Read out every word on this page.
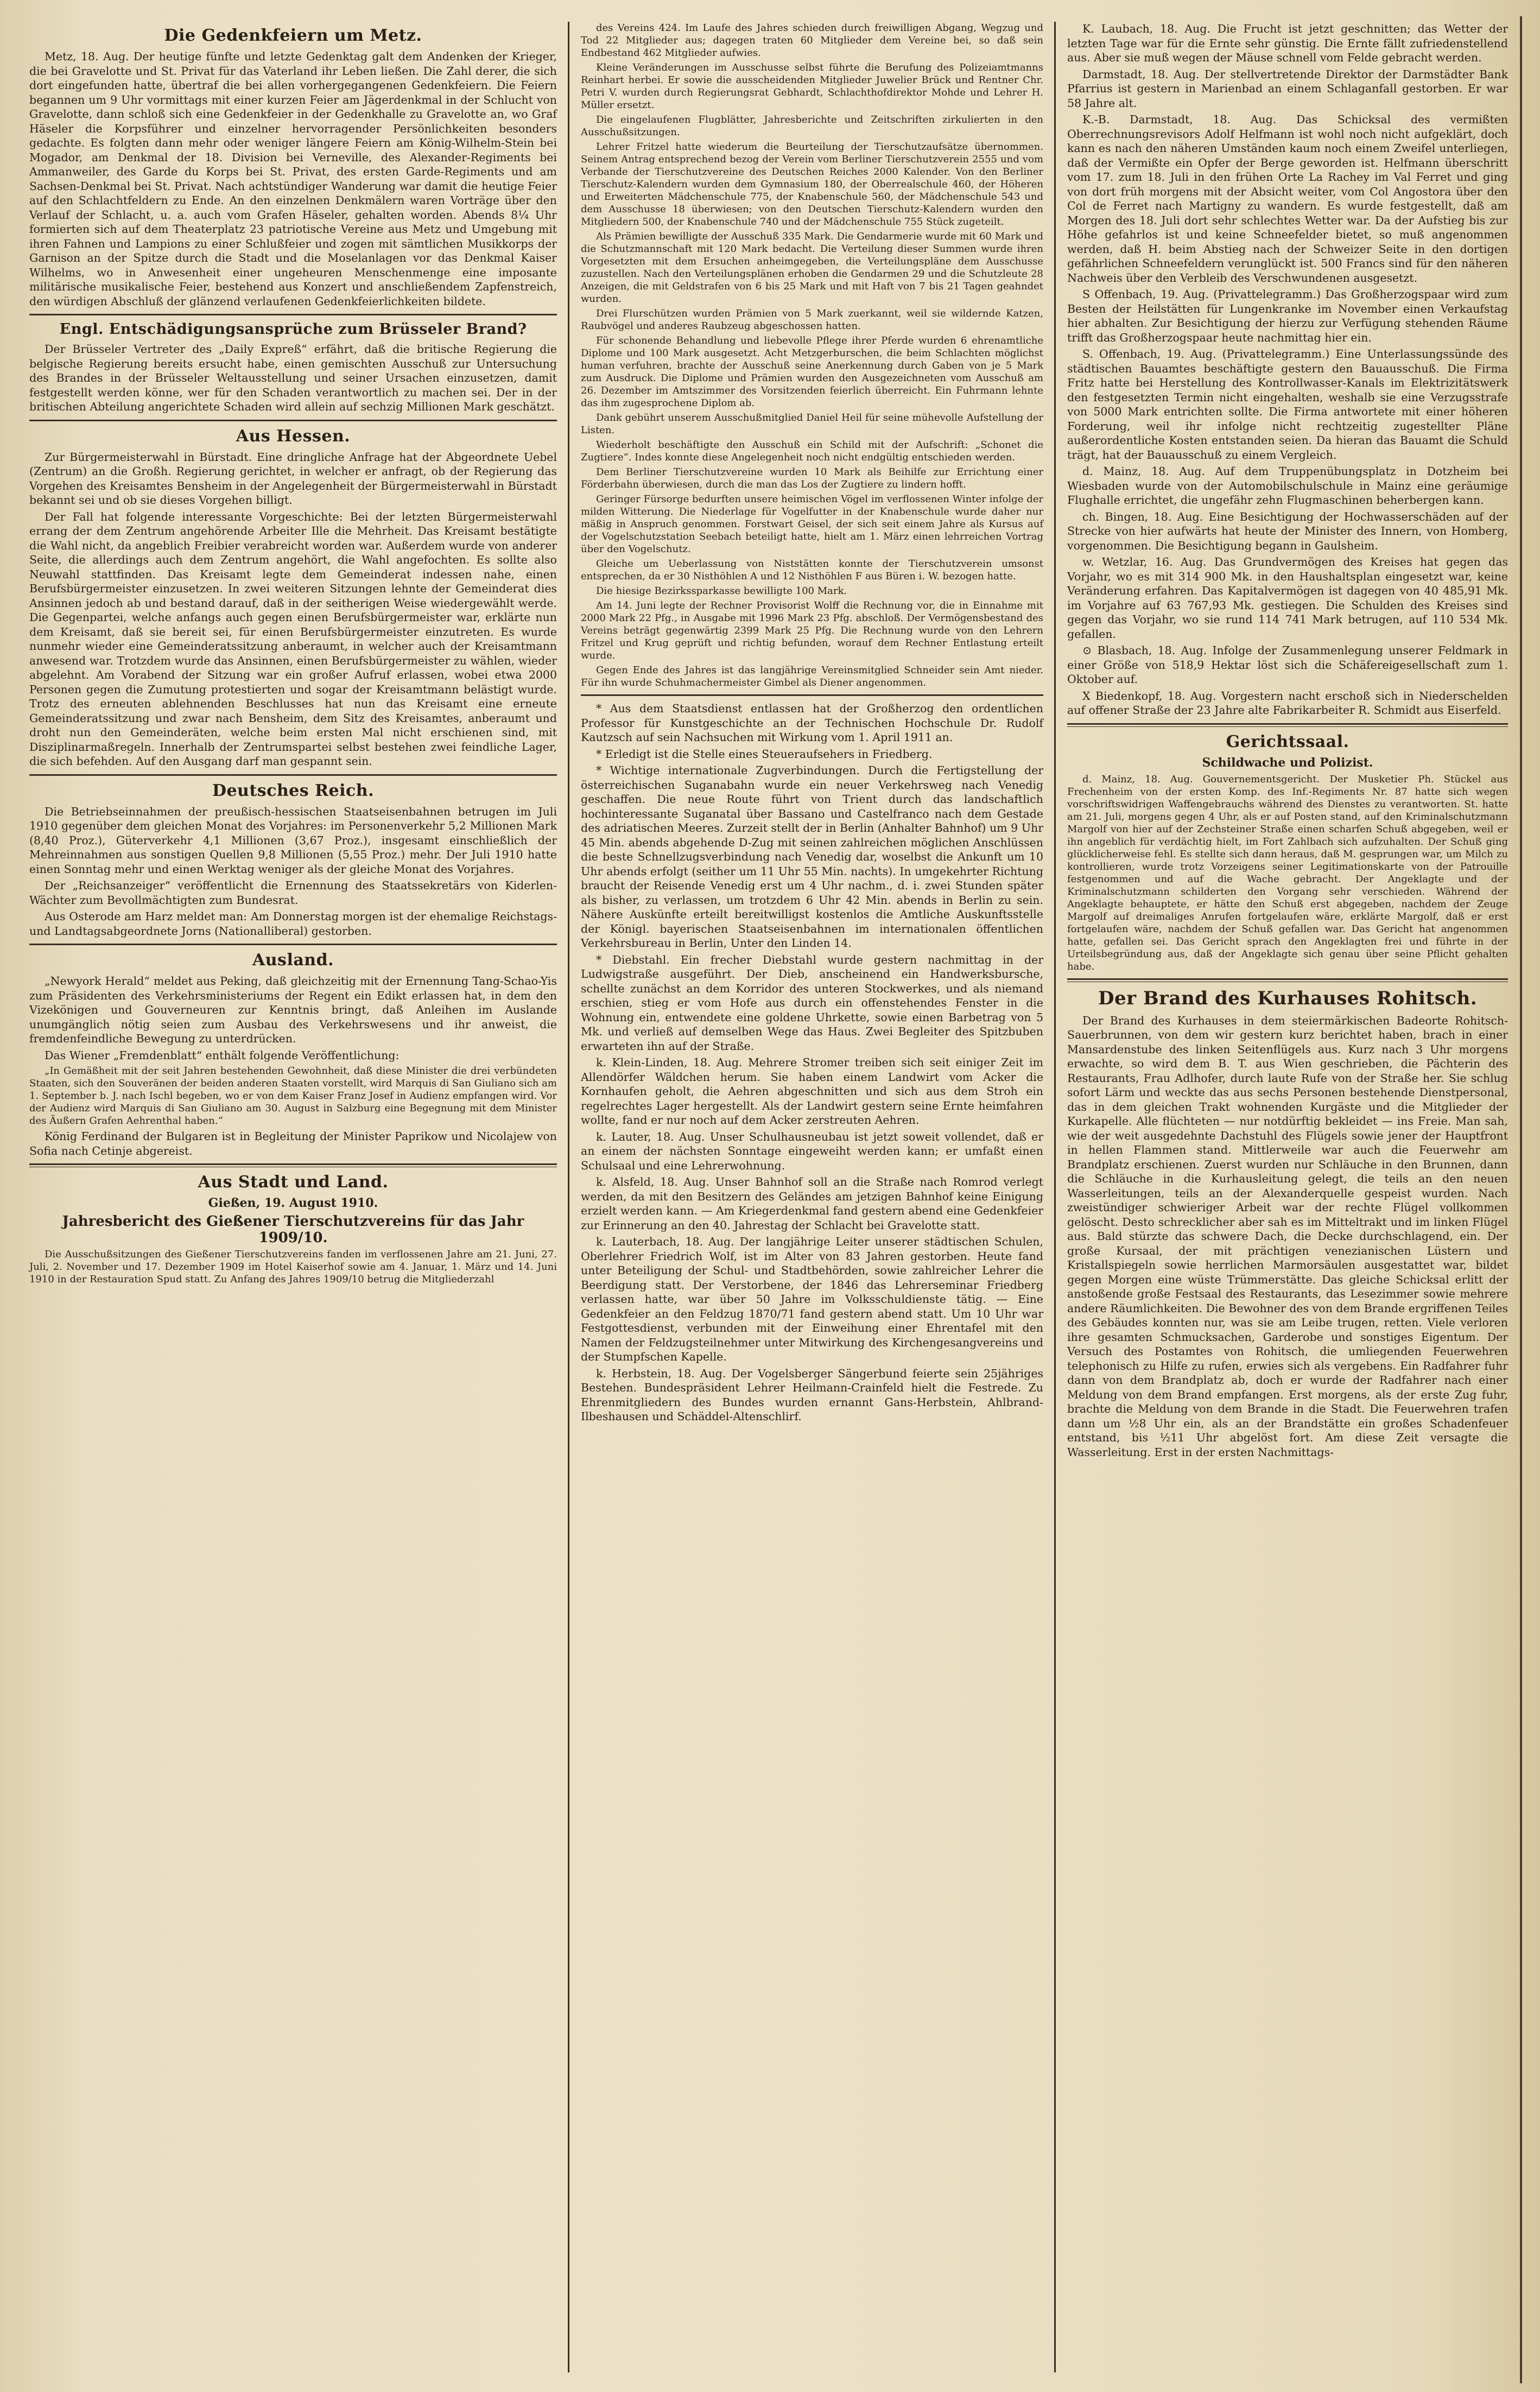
Die Gedenkfeiern um Metz.

Metz, 18. Aug. Der heutige fünfte und letzte Gedenktag galt dem Andenken der Krieger, die bei Gravelotte und St. Privat für das Vaterland ihr Leben ließen. Die Zahl derer, die sich dort eingefunden hatte, übertraf die bei allen vorhergegangenen Gedenkfeiern. Die Feiern begannen um 9 Uhr vormittags mit einer kurzen Feier am Jägerdenkmal in der Schlucht von Gravelotte, dann schloß sich eine Gedenkfeier in der Gedenkhalle zu Gravelotte an, wo Graf Häseler die Korpsführer und einzelner hervorragender Persönlichkeiten besonders gedachte. Es folgten dann mehr oder weniger längere Feiern am König-Wilhelm-Stein bei Mogador, am Denkmal der 18. Division bei Verneville, des Alexander-Regiments bei Ammanweiler, des Garde du Korps bei St. Privat, des ersten Garde-Regiments und am Sachsen-Denkmal bei St. Privat. Nach achtstündiger Wanderung war damit die heutige Feier auf den Schlachtfeldern zu Ende. An den einzelnen Denkmälern waren Vorträge über den Verlauf der Schlacht, u. a. auch vom Grafen Häseler, gehalten worden. Abends 8¼ Uhr formierten sich auf dem Theaterplatz 23 patriotische Vereine aus Metz und Umgebung mit ihren Fahnen und Lampions zu einer Schlußfeier und zogen mit sämtlichen Musikkorps der Garnison an der Spitze durch die Stadt und die Moselanlagen vor das Denkmal Kaiser Wilhelms, wo in Anwesenheit einer ungeheuren Menschenmenge eine imposante militärische musikalische Feier, bestehend aus Konzert und anschließendem Zapfenstreich, den würdigen Abschluß der glänzend verlaufenen Gedenkfeierlichkeiten bildete.

Engl. Entschädigungsansprüche zum Brüsseler Brand?

Der Brüsseler Vertreter des „Daily Expreß“ erfährt, daß die britische Regierung die belgische Regierung bereits ersucht habe, einen gemischten Ausschuß zur Untersuchung des Brandes in der Brüsseler Weltausstellung und seiner Ursachen einzusetzen, damit festgestellt werden könne, wer für den Schaden verantwortlich zu machen sei. Der in der britischen Abteilung angerichtete Schaden wird allein auf sechzig Millionen Mark geschätzt.

Aus Hessen.

Zur Bürgermeisterwahl in Bürstadt. Eine dringliche Anfrage hat der Abgeordnete Uebel (Zentrum) an die Großh. Regierung gerichtet, in welcher er anfragt, ob der Regierung das Vorgehen des Kreisamtes Bensheim in der Angelegenheit der Bürgermeisterwahl in Bürstadt bekannt sei und ob sie dieses Vorgehen billigt.

Der Fall hat folgende interessante Vorgeschichte: Bei der letzten Bürgermeisterwahl errang der dem Zentrum angehörende Arbeiter Ille die Mehrheit. Das Kreisamt bestätigte die Wahl nicht, da angeblich Freibier verabreicht worden war. Außerdem wurde von anderer Seite, die allerdings auch dem Zentrum angehört, die Wahl angefochten. Es sollte also Neuwahl stattfinden. Das Kreisamt legte dem Gemeinderat indessen nahe, einen Berufsbürgermeister einzusetzen. In zwei weiteren Sitzungen lehnte der Gemeinderat dies Ansinnen jedoch ab und bestand darauf, daß in der seitherigen Weise wiedergewählt werde. Die Gegenpartei, welche anfangs auch gegen einen Berufsbürgermeister war, erklärte nun dem Kreisamt, daß sie bereit sei, für einen Berufsbürgermeister einzutreten. Es wurde nunmehr wieder eine Gemeinderatssitzung anberaumt, in welcher auch der Kreisamtmann anwesend war. Trotzdem wurde das Ansinnen, einen Berufsbürgermeister zu wählen, wieder abgelehnt. Am Vorabend der Sitzung war ein großer Aufruf erlassen, wobei etwa 2000 Personen gegen die Zumutung protestierten und sogar der Kreisamtmann belästigt wurde. Trotz des erneuten ablehnenden Beschlusses hat nun das Kreisamt eine erneute Gemeinderatssitzung und zwar nach Bensheim, dem Sitz des Kreisamtes, anberaumt und droht nun den Gemeinderäten, welche beim ersten Mal nicht erschienen sind, mit Disziplinarmaßregeln. Innerhalb der Zentrumspartei selbst bestehen zwei feindliche Lager, die sich befehden. Auf den Ausgang darf man gespannt sein.

Deutsches Reich.

Die Betriebseinnahmen der preußisch-hessischen Staatseisenbahnen betrugen im Juli 1910 gegenüber dem gleichen Monat des Vorjahres: im Personenverkehr 5,2 Millionen Mark (8,40 Proz.), Güterverkehr 4,1 Millionen (3,67 Proz.), insgesamt einschließlich der Mehreinnahmen aus sonstigen Quellen 9,8 Millionen (5,55 Proz.) mehr. Der Juli 1910 hatte einen Sonntag mehr und einen Werktag weniger als der gleiche Monat des Vorjahres.

Der „Reichsanzeiger“ veröffentlicht die Ernennung des Staatssekretärs von Kiderlen-Wächter zum Bevollmächtigten zum Bundesrat.

Aus Osterode am Harz meldet man: Am Donnerstag morgen ist der ehemalige Reichstags- und Landtagsabgeordnete Jorns (Nationalliberal) gestorben.

Ausland.

„Newyork Herald“ meldet aus Peking, daß gleichzeitig mit der Ernennung Tang-Schao-Yis zum Präsidenten des Verkehrsministeriums der Regent ein Edikt erlassen hat, in dem den Vizekönigen und Gouverneuren zur Kenntnis bringt, daß Anleihen im Auslande unumgänglich nötig seien zum Ausbau des Verkehrswesens und ihr anweist, die fremdenfeindliche Bewegung zu unterdrücken.

Das Wiener „Fremdenblatt“ enthält folgende Veröffentlichung:

„In Gemäßheit mit der seit Jahren bestehenden Gewohnheit, daß diese Minister die drei verbündeten Staaten, sich den Souveränen der beiden anderen Staaten vorstellt, wird Marquis di San Giuliano sich am 1. September b. J. nach Ischl begeben, wo er von dem Kaiser Franz Josef in Audienz empfangen wird. Vor der Audienz wird Marquis di San Giuliano am 30. August in Salzburg eine Begegnung mit dem Minister des Äußern Grafen Aehrenthal haben.“

König Ferdinand der Bulgaren ist in Begleitung der Minister Paprikow und Nicolajew von Sofia nach Cetinje abgereist.

Aus Stadt und Land.
Gießen, 19. August 1910.
Jahresbericht des Gießener Tierschutzvereins für das Jahr 1909/10.

Die Ausschußsitzungen des Gießener Tierschutzvereins fanden im verflossenen Jahre am 21. Juni, 27. Juli, 2. November und 17. Dezember 1909 im Hotel Kaiserhof sowie am 4. Januar, 1. März und 14. Juni 1910 in der Restauration Spud statt. Zu Anfang des Jahres 1909/10 betrug die Mitgliederzahl

des Vereins 424. Im Laufe des Jahres schieden durch freiwilligen Abgang, Wegzug und Tod 22 Mitglieder aus; dagegen traten 60 Mitglieder dem Vereine bei, so daß sein Endbestand 462 Mitglieder aufwies.

Kleine Veränderungen im Ausschusse selbst führte die Berufung des Polizeiamtmanns Reinhart herbei. Er sowie die ausscheidenden Mitglieder Juwelier Brück und Rentner Chr. Petri V. wurden durch Regierungsrat Gebhardt, Schlachthofdirektor Mohde und Lehrer H. Müller ersetzt.

Die eingelaufenen Flugblätter, Jahresberichte und Zeitschriften zirkulierten in den Ausschußsitzungen.

Lehrer Fritzel hatte wiederum die Beurteilung der Tierschutzaufsätze übernommen. Seinem Antrag entsprechend bezog der Verein vom Berliner Tierschutzverein 2555 und vom Verbande der Tierschutzvereine des Deutschen Reiches 2000 Kalender. Von den Berliner Tierschutz-Kalendern wurden dem Gymnasium 180, der Oberrealschule 460, der Höheren und Erweiterten Mädchenschule 775, der Knabenschule 560, der Mädchenschule 543 und dem Ausschusse 18 überwiesen; von den Deutschen Tierschutz-Kalendern wurden den Mitgliedern 500, der Knabenschule 740 und der Mädchenschule 755 Stück zugeteilt.

Als Prämien bewilligte der Ausschuß 335 Mark. Die Gendarmerie wurde mit 60 Mark und die Schutzmannschaft mit 120 Mark bedacht. Die Verteilung dieser Summen wurde ihren Vorgesetzten mit dem Ersuchen anheimgegeben, die Verteilungspläne dem Ausschusse zuzustellen. Nach den Verteilungsplänen erhoben die Gendarmen 29 und die Schutzleute 28 Anzeigen, die mit Geldstrafen von 6 bis 25 Mark und mit Haft von 7 bis 21 Tagen geahndet wurden.

Drei Flurschützen wurden Prämien von 5 Mark zuerkannt, weil sie wildernde Katzen, Raubvögel und anderes Raubzeug abgeschossen hatten.

Für schonende Behandlung und liebevolle Pflege ihrer Pferde wurden 6 ehrenamtliche Diplome und 100 Mark ausgesetzt. Acht Metzgerburschen, die beim Schlachten möglichst human verfuhren, brachte der Ausschuß seine Anerkennung durch Gaben von je 5 Mark zum Ausdruck. Die Diplome und Prämien wurden den Ausgezeichneten vom Ausschuß am 26. Dezember im Amtszimmer des Vorsitzenden feierlich überreicht. Ein Fuhrmann lehnte das ihm zugesprochene Diplom ab.

Dank gebührt unserem Ausschußmitglied Daniel Heil für seine mühevolle Aufstellung der Listen.

Wiederholt beschäftigte den Ausschuß ein Schild mit der Aufschrift: „Schonet die Zugtiere“. Indes konnte diese Angelegenheit noch nicht endgültig entschieden werden.

Dem Berliner Tierschutzvereine wurden 10 Mark als Beihilfe zur Errichtung einer Förderbahn überwiesen, durch die man das Los der Zugtiere zu lindern hofft.

Geringer Fürsorge bedurften unsere heimischen Vögel im verflossenen Winter infolge der milden Witterung. Die Niederlage für Vogelfutter in der Knabenschule wurde daher nur mäßig in Anspruch genommen. Forstwart Geisel, der sich seit einem Jahre als Kursus auf der Vogelschutzstation Seebach beteiligt hatte, hielt am 1. März einen lehrreichen Vortrag über den Vogelschutz.

Gleiche um Ueberlassung von Niststätten konnte der Tierschutzverein umsonst entsprechen, da er 30 Nisthöhlen A und 12 Nisthöhlen F aus Büren i. W. bezogen hatte.

Die hiesige Bezirkssparkasse bewilligte 100 Mark.

Am 14. Juni legte der Rechner Provisorist Wolff die Rechnung vor, die in Einnahme mit 2000 Mark 22 Pfg., in Ausgabe mit 1996 Mark 23 Pfg. abschloß. Der Vermögensbestand des Vereins beträgt gegenwärtig 2399 Mark 25 Pfg. Die Rechnung wurde von den Lehrern Fritzel und Krug geprüft und richtig befunden, worauf dem Rechner Entlastung erteilt wurde.

Gegen Ende des Jahres ist das langjährige Vereinsmitglied Schneider sein Amt nieder. Für ihn wurde Schuhmachermeister Gimbel als Diener angenommen.

* Aus dem Staatsdienst entlassen hat der Großherzog den ordentlichen Professor für Kunstgeschichte an der Technischen Hochschule Dr. Rudolf Kautzsch auf sein Nachsuchen mit Wirkung vom 1. April 1911 an.

* Erledigt ist die Stelle eines Steueraufsehers in Friedberg.

* Wichtige internationale Zugverbindungen. Durch die Fertigstellung der österreichischen Suganabahn wurde ein neuer Verkehrsweg nach Venedig geschaffen. Die neue Route führt von Trient durch das landschaftlich hochinteressante Suganatal über Bassano und Castelfranco nach dem Gestade des adriatischen Meeres. Zurzeit stellt der in Berlin (Anhalter Bahnhof) um 9 Uhr 45 Min. abends abgehende D-Zug mit seinen zahlreichen möglichen Anschlüssen die beste Schnellzugsverbindung nach Venedig dar, woselbst die Ankunft um 10 Uhr abends erfolgt (seither um 11 Uhr 55 Min. nachts). In umgekehrter Richtung braucht der Reisende Venedig erst um 4 Uhr nachm., d. i. zwei Stunden später als bisher, zu verlassen, um trotzdem 6 Uhr 42 Min. abends in Berlin zu sein. Nähere Auskünfte erteilt bereitwilligst kostenlos die Amtliche Auskunftsstelle der Königl. bayerischen Staatseisenbahnen im internationalen öffentlichen Verkehrsbureau in Berlin, Unter den Linden 14.

* Diebstahl. Ein frecher Diebstahl wurde gestern nachmittag in der Ludwigstraße ausgeführt. Der Dieb, anscheinend ein Handwerksbursche, schellte zunächst an dem Korridor des unteren Stockwerkes, und als niemand erschien, stieg er vom Hofe aus durch ein offenstehendes Fenster in die Wohnung ein, entwendete eine goldene Uhrkette, sowie einen Barbetrag von 5 Mk. und verließ auf demselben Wege das Haus. Zwei Begleiter des Spitzbuben erwarteten ihn auf der Straße.

k. Klein-Linden, 18. Aug. Mehrere Stromer treiben sich seit einiger Zeit im Allendörfer Wäldchen herum. Sie haben einem Landwirt vom Acker die Kornhaufen geholt, die Aehren abgeschnitten und sich aus dem Stroh ein regelrechtes Lager hergestellt. Als der Landwirt gestern seine Ernte heimfahren wollte, fand er nur noch auf dem Acker zerstreuten Aehren.

k. Lauter, 18. Aug. Unser Schulhausneubau ist jetzt soweit vollendet, daß er an einem der nächsten Sonntage eingeweiht werden kann; er umfaßt einen Schulsaal und eine Lehrerwohnung.

k. Alsfeld, 18. Aug. Unser Bahnhof soll an die Straße nach Romrod verlegt werden, da mit den Besitzern des Geländes am jetzigen Bahnhof keine Einigung erzielt werden kann. — Am Kriegerdenkmal fand gestern abend eine Gedenkfeier zur Erinnerung an den 40. Jahrestag der Schlacht bei Gravelotte statt.

k. Lauterbach, 18. Aug. Der langjährige Leiter unserer städtischen Schulen, Oberlehrer Friedrich Wolf, ist im Alter von 83 Jahren gestorben. Heute fand unter Beteiligung der Schul- und Stadtbehörden, sowie zahlreicher Lehrer die Beerdigung statt. Der Verstorbene, der 1846 das Lehrerseminar Friedberg verlassen hatte, war über 50 Jahre im Volksschuldienste tätig. — Eine Gedenkfeier an den Feldzug 1870/71 fand gestern abend statt. Um 10 Uhr war Festgottesdienst, verbunden mit der Einweihung einer Ehrentafel mit den Namen der Feldzugsteilnehmer unter Mitwirkung des Kirchengesangvereins und der Stumpfschen Kapelle.

k. Herbstein, 18. Aug. Der Vogelsberger Sängerbund feierte sein 25jähriges Bestehen. Bundespräsident Lehrer Heilmann-Crainfeld hielt die Festrede. Zu Ehrenmitgliedern des Bundes wurden ernannt Gans-Herbstein, Ahlbrand-Ilbeshausen und Schäddel-Altenschlirf.

K. Laubach, 18. Aug. Die Frucht ist jetzt geschnitten; das Wetter der letzten Tage war für die Ernte sehr günstig. Die Ernte fällt zufriedenstellend aus. Aber sie muß wegen der Mäuse schnell vom Felde gebracht werden.

Darmstadt, 18. Aug. Der stellvertretende Direktor der Darmstädter Bank Pfarrius ist gestern in Marienbad an einem Schlaganfall gestorben. Er war 58 Jahre alt.

K.-B. Darmstadt, 18. Aug. Das Schicksal des vermißten Oberrechnungsrevisors Adolf Helfmann ist wohl noch nicht aufgeklärt, doch kann es nach den näheren Umständen kaum noch einem Zweifel unterliegen, daß der Vermißte ein Opfer der Berge geworden ist. Helfmann überschritt vom 17. zum 18. Juli in den frühen Orte La Rachey im Val Ferret und ging von dort früh morgens mit der Absicht weiter, vom Col Angostora über den Col de Ferret nach Martigny zu wandern. Es wurde festgestellt, daß am Morgen des 18. Juli dort sehr schlechtes Wetter war. Da der Aufstieg bis zur Höhe gefahrlos ist und keine Schneefelder bietet, so muß angenommen werden, daß H. beim Abstieg nach der Schweizer Seite in den dortigen gefährlichen Schneefeldern verunglückt ist. 500 Francs sind für den näheren Nachweis über den Verbleib des Verschwundenen ausgesetzt.

S Offenbach, 19. Aug. (Privattelegramm.) Das Großherzogspaar wird zum Besten der Heilstätten für Lungenkranke im November einen Verkaufstag hier abhalten. Zur Besichtigung der hierzu zur Verfügung stehenden Räume trifft das Großherzogspaar heute nachmittag hier ein.

S. Offenbach, 19. Aug. (Privattelegramm.) Eine Unterlassungssünde des städtischen Bauamtes beschäftigte gestern den Bauausschuß. Die Firma Fritz hatte bei Herstellung des Kontrollwasser-Kanals im Elektrizitätswerk den festgesetzten Termin nicht eingehalten, weshalb sie eine Verzugsstrafe von 5000 Mark entrichten sollte. Die Firma antwortete mit einer höheren Forderung, weil ihr infolge nicht rechtzeitig zugestellter Pläne außerordentliche Kosten entstanden seien. Da hieran das Bauamt die Schuld trägt, hat der Bauausschuß zu einem Vergleich.

d. Mainz, 18. Aug. Auf dem Truppenübungsplatz in Dotzheim bei Wiesbaden wurde von der Automobilschulschule in Mainz eine geräumige Flughalle errichtet, die ungefähr zehn Flugmaschinen beherbergen kann.

ch. Bingen, 18. Aug. Eine Besichtigung der Hochwasserschäden auf der Strecke von hier aufwärts hat heute der Minister des Innern, von Homberg, vorgenommen. Die Besichtigung begann in Gaulsheim.

w. Wetzlar, 16. Aug. Das Grundvermögen des Kreises hat gegen das Vorjahr, wo es mit 314 900 Mk. in den Haushaltsplan eingesetzt war, keine Veränderung erfahren. Das Kapitalvermögen ist dagegen von 40 485,91 Mk. im Vorjahre auf 63 767,93 Mk. gestiegen. Die Schulden des Kreises sind gegen das Vorjahr, wo sie rund 114 741 Mark betrugen, auf 110 534 Mk. gefallen.

⊙ Blasbach, 18. Aug. Infolge der Zusammenlegung unserer Feldmark in einer Größe von 518,9 Hektar löst sich die Schäfereigesellschaft zum 1. Oktober auf.

X Biedenkopf, 18. Aug. Vorgestern nacht erschoß sich in Niederschelden auf offener Straße der 23 Jahre alte Fabrikarbeiter R. Schmidt aus Eiserfeld.

Gerichtssaal.
Schildwache und Polizist.

d. Mainz, 18. Aug. Gouvernementsgericht. Der Musketier Ph. Stückel aus Frechenheim von der ersten Komp. des Inf.-Regiments Nr. 87 hatte sich wegen vorschriftswidrigen Waffengebrauchs während des Dienstes zu verantworten. St. hatte am 21. Juli, morgens gegen 4 Uhr, als er auf Posten stand, auf den Kriminalschutzmann Margolf von hier auf der Zechsteiner Straße einen scharfen Schuß abgegeben, weil er ihn angeblich für verdächtig hielt, im Fort Zahlbach sich aufzuhalten. Der Schuß ging glücklicherweise fehl. Es stellte sich dann heraus, daß M. gesprungen war, um Milch zu kontrollieren, wurde trotz Vorzeigens seiner Legitimationskarte von der Patrouille festgenommen und auf die Wache gebracht. Der Angeklagte und der Kriminalschutzmann schilderten den Vorgang sehr verschieden. Während der Angeklagte behauptete, er hätte den Schuß erst abgegeben, nachdem der Zeuge Margolf auf dreimaliges Anrufen fortgelaufen wäre, erklärte Margolf, daß er erst fortgelaufen wäre, nachdem der Schuß gefallen war. Das Gericht hat angenommen hatte, gefallen sei. Das Gericht sprach den Angeklagten frei und führte in der Urteilsbegründung aus, daß der Angeklagte sich genau über seine Pflicht gehalten habe.

Der Brand des Kurhauses Rohitsch.

Der Brand des Kurhauses in dem steiermärkischen Badeorte Rohitsch-Sauerbrunnen, von dem wir gestern kurz berichtet haben, brach in einer Mansardenstube des linken Seitenflügels aus. Kurz nach 3 Uhr morgens erwachte, so wird dem B. T. aus Wien geschrieben, die Pächterin des Restaurants, Frau Adlhofer, durch laute Rufe von der Straße her. Sie schlug sofort Lärm und weckte das aus sechs Personen bestehende Dienstpersonal, das in dem gleichen Trakt wohnenden Kurgäste und die Mitglieder der Kurkapelle. Alle flüchteten — nur notdürftig bekleidet — ins Freie. Man sah, wie der weit ausgedehnte Dachstuhl des Flügels sowie jener der Hauptfront in hellen Flammen stand. Mittlerweile war auch die Feuerwehr am Brandplatz erschienen. Zuerst wurden nur Schläuche in den Brunnen, dann die Schläuche in die Kurhausleitung gelegt, die teils an den neuen Wasserleitungen, teils an der Alexanderquelle gespeist wurden. Nach zweistündiger schwieriger Arbeit war der rechte Flügel vollkommen gelöscht. Desto schrecklicher aber sah es im Mitteltrakt und im linken Flügel aus. Bald stürzte das schwere Dach, die Decke durchschlagend, ein. Der große Kursaal, der mit prächtigen venezianischen Lüstern und Kristallspiegeln sowie herrlichen Marmorsäulen ausgestattet war, bildet gegen Morgen eine wüste Trümmerstätte. Das gleiche Schicksal erlitt der anstoßende große Festsaal des Restaurants, das Lesezimmer sowie mehrere andere Räumlichkeiten. Die Bewohner des von dem Brande ergriffenen Teiles des Gebäudes konnten nur, was sie am Leibe trugen, retten. Viele verloren ihre gesamten Schmucksachen, Garderobe und sonstiges Eigentum. Der Versuch des Postamtes von Rohitsch, die umliegenden Feuerwehren telephonisch zu Hilfe zu rufen, erwies sich als vergebens. Ein Radfahrer fuhr dann von dem Brandplatz ab, doch er wurde der Radfahrer nach einer Meldung von dem Brand empfangen. Erst morgens, als der erste Zug fuhr, brachte die Meldung von dem Brande in die Stadt. Die Feuerwehren trafen dann um ½8 Uhr ein, als an der Brandstätte ein großes Schadenfeuer entstand, bis ½11 Uhr abgelöst fort. Am diese Zeit versagte die Wasserleitung. Erst in der ersten Nachmittags-
